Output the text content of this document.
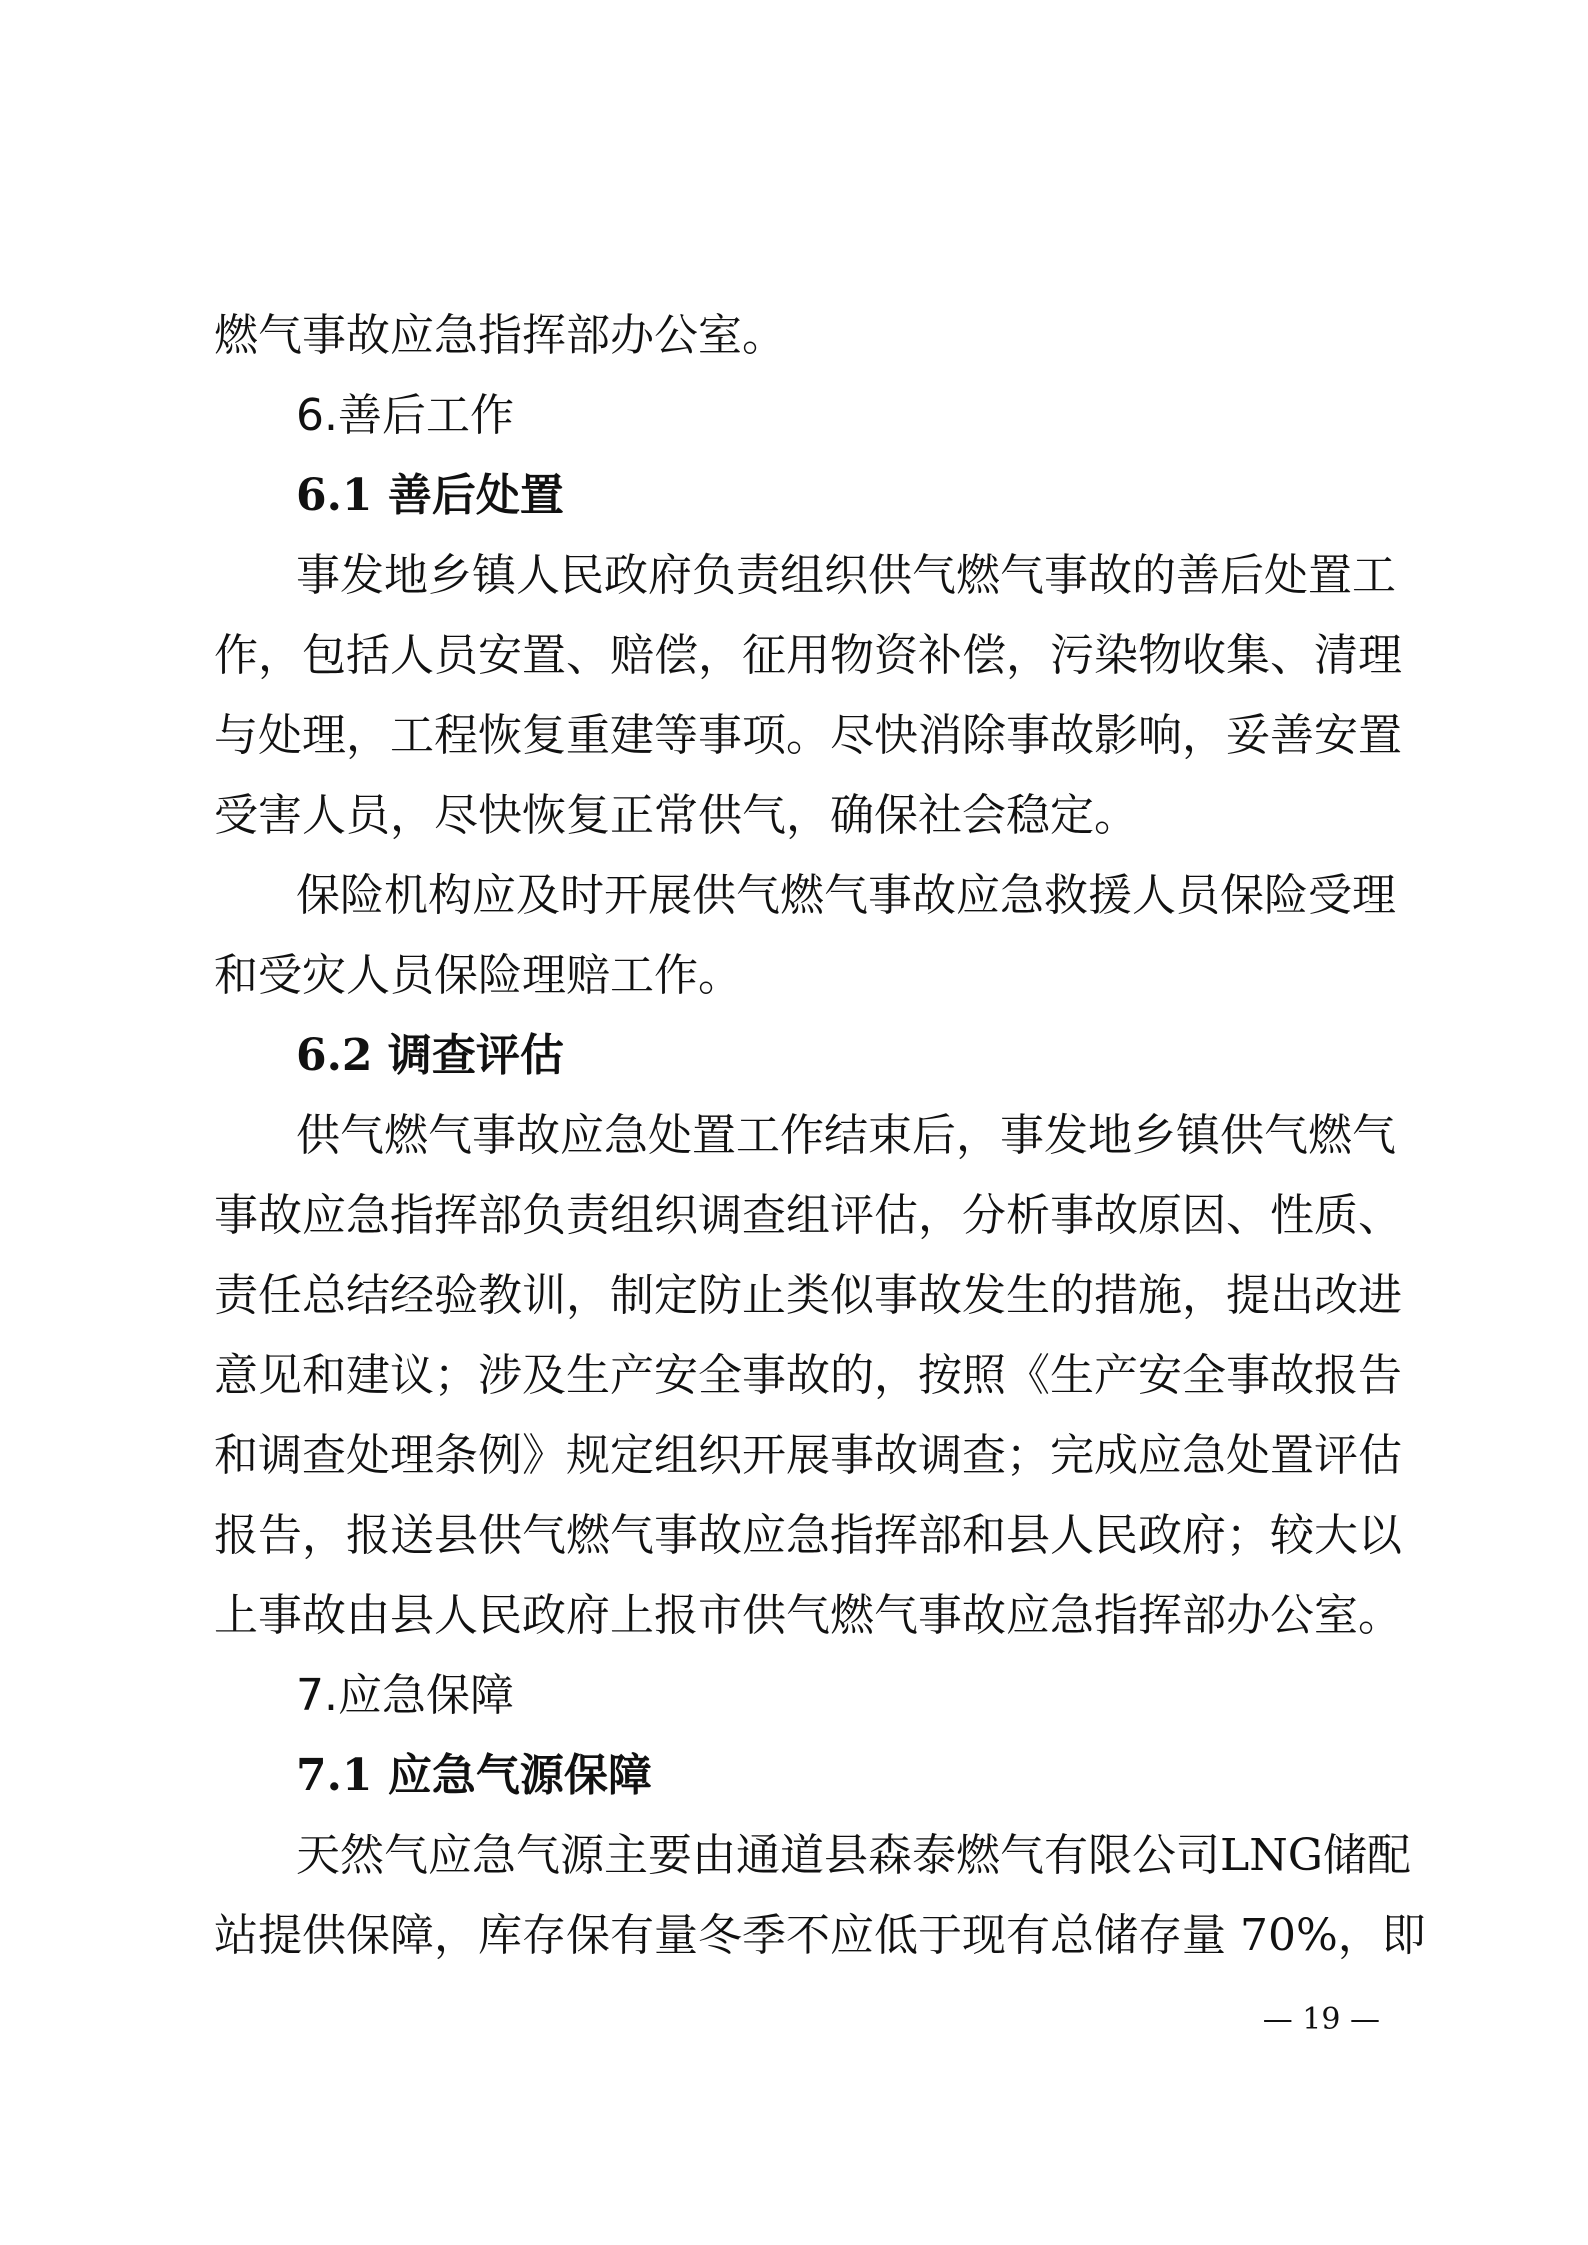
燃气事故应急指挥部办公室。
6.善后工作
6.1 善后处置
事发地乡镇人民政府负责组织供气燃气事故的善后处置工
作，包括人员安置、赔偿，征用物资补偿，污染物收集、清理
与处理，工程恢复重建等事项。尽快消除事故影响，妥善安置
受害人员，尽快恢复正常供气，确保社会稳定。
保险机构应及时开展供气燃气事故应急救援人员保险受理
和受灾人员保险理赔工作。
6.2 调查评估
供气燃气事故应急处置工作结束后，事发地乡镇供气燃气
事故应急指挥部负责组织调查组评估，分析事故原因、性质、
责任总结经验教训，制定防止类似事故发生的措施，提出改进
意见和建议；涉及生产安全事故的，按照《生产安全事故报告
和调查处理条例》规定组织开展事故调查；完成应急处置评估
报告，报送县供气燃气事故应急指挥部和县人民政府；较大以
上事故由县人民政府上报市供气燃气事故应急指挥部办公室。
7.应急保障
7.1 应急气源保障
天然气应急气源主要由通道县森泰燃气有限公司LNG储配
站提供保障，库存保有量冬季不应低于现有总储存量 70%，即
— 19 —
